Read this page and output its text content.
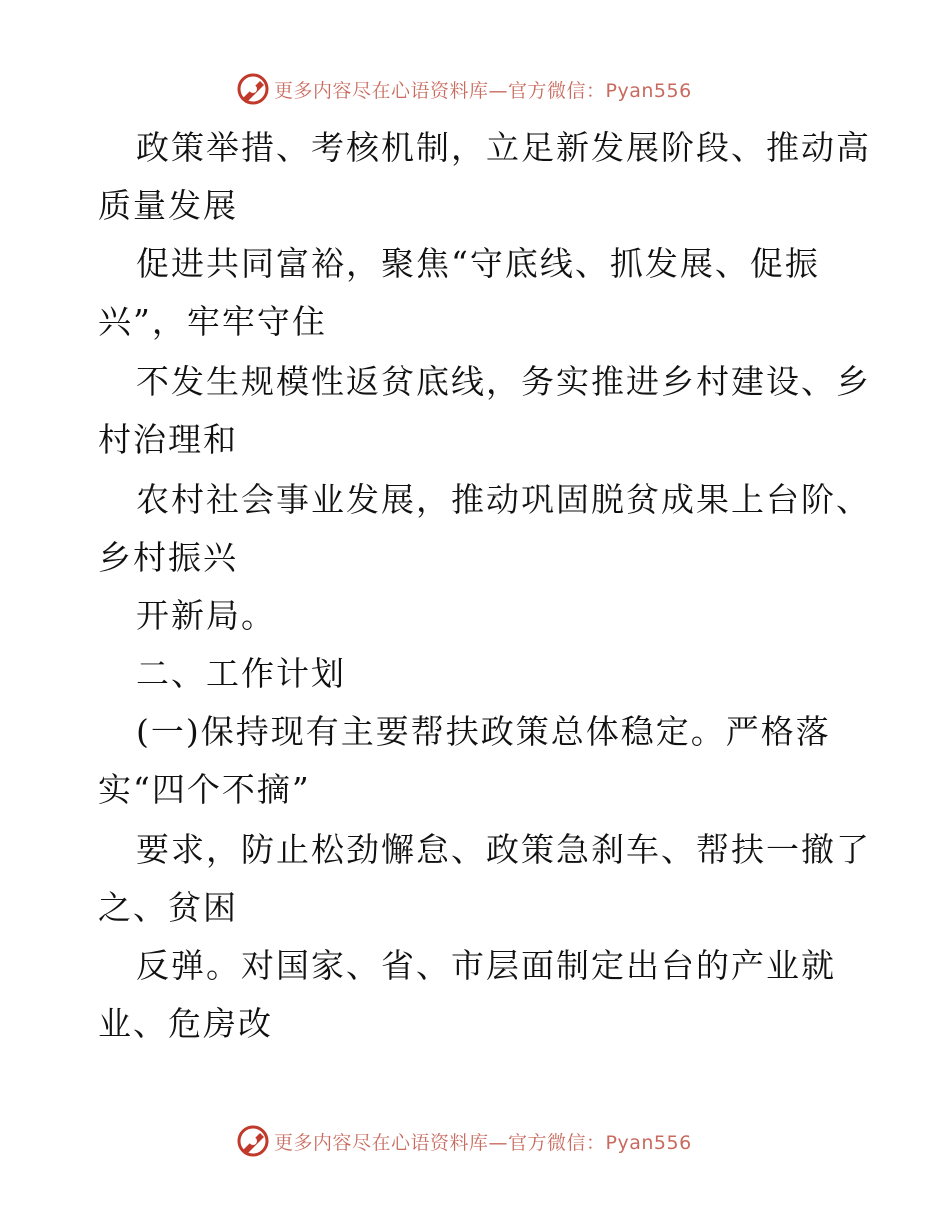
更多内容尽在心语资料库—官方微信：Pyan556
政策举措、考核机制，立足新发展阶段、推动高
质量发展
促进共同富裕，聚焦“守底线、抓发展、促振
兴”，牢牢守住
不发生规模性返贫底线，务实推进乡村建设、乡
村治理和
农村社会事业发展，推动巩固脱贫成果上台阶、
乡村振兴
开新局。
二、工作计划
(一)保持现有主要帮扶政策总体稳定。严格落
实“四个不摘”
要求，防止松劲懈怠、政策急刹车、帮扶一撤了
之、贫困
反弹。对国家、省、市层面制定出台的产业就
业、危房改
更多内容尽在心语资料库—官方微信：Pyan556
